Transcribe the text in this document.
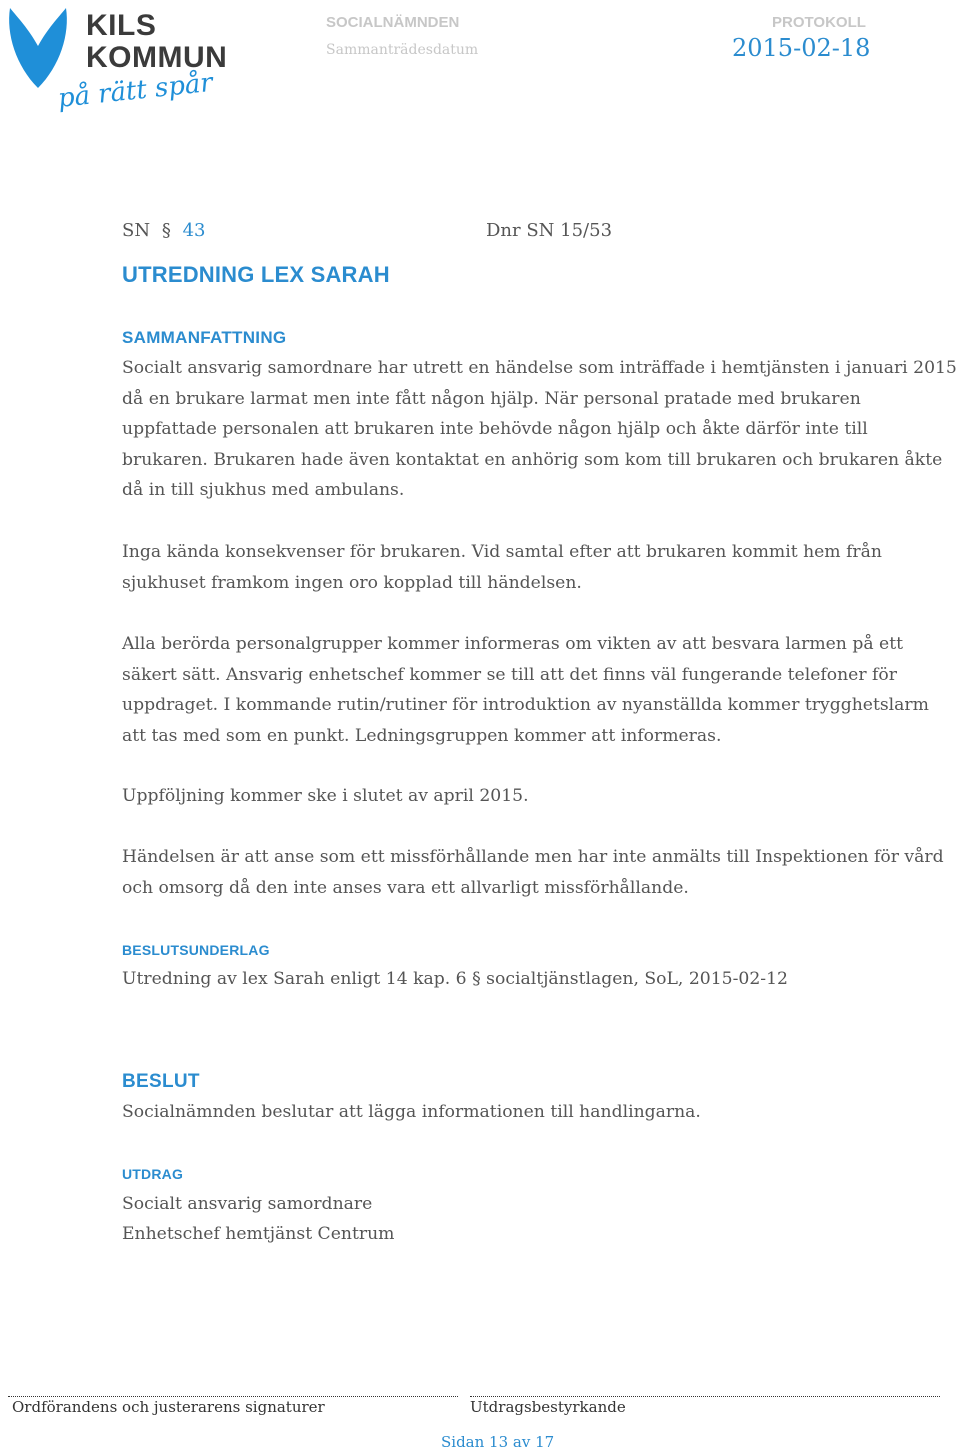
KILS
KOMMUN
på rätt spår
SOCIALNÄMNDEN
Sammanträdesdatum
PROTOKOLL
2015-02-18
SN § 43	Dnr SN 15/53
UTREDNING LEX SARAH
SAMMANFATTNING
Socialt ansvarig samordnare har utrett en händelse som inträffade i hemtjänsten i januari 2015 då en brukare larmat men inte fått någon hjälp. När personal pratade med brukaren uppfattade personalen att brukaren inte behövde någon hjälp och åkte därför inte till brukaren. Brukaren hade även kontaktat en anhörig som kom till brukaren och brukaren åkte då in till sjukhus med ambulans.
Inga kända konsekvenser för brukaren. Vid samtal efter att brukaren kommit hem från sjukhuset framkom ingen oro kopplad till händelsen.
Alla berörda personalgrupper kommer informeras om vikten av att besvara larmen på ett säkert sätt. Ansvarig enhetschef kommer se till att det finns väl fungerande telefoner för uppdraget. I kommande rutin/rutiner för introduktion av nyanställda kommer trygghetslarm att tas med som en punkt. Ledningsgruppen kommer att informeras.
Uppföljning kommer ske i slutet av april 2015.
Händelsen är att anse som ett missförhållande men har inte anmälts till Inspektionen för vård och omsorg då den inte anses vara ett allvarligt missförhållande.
BESLUTSUNDERLAG
Utredning av lex Sarah enligt 14 kap. 6 § socialtjänstlagen, SoL, 2015-02-12
BESLUT
Socialnämnden beslutar att lägga informationen till handlingarna.
UTDRAG
Socialt ansvarig samordnare
Enhetschef hemtjänst Centrum
Ordförandens och justerarens signaturer	Utdragsbestyrkande
Sidan 13 av 17
